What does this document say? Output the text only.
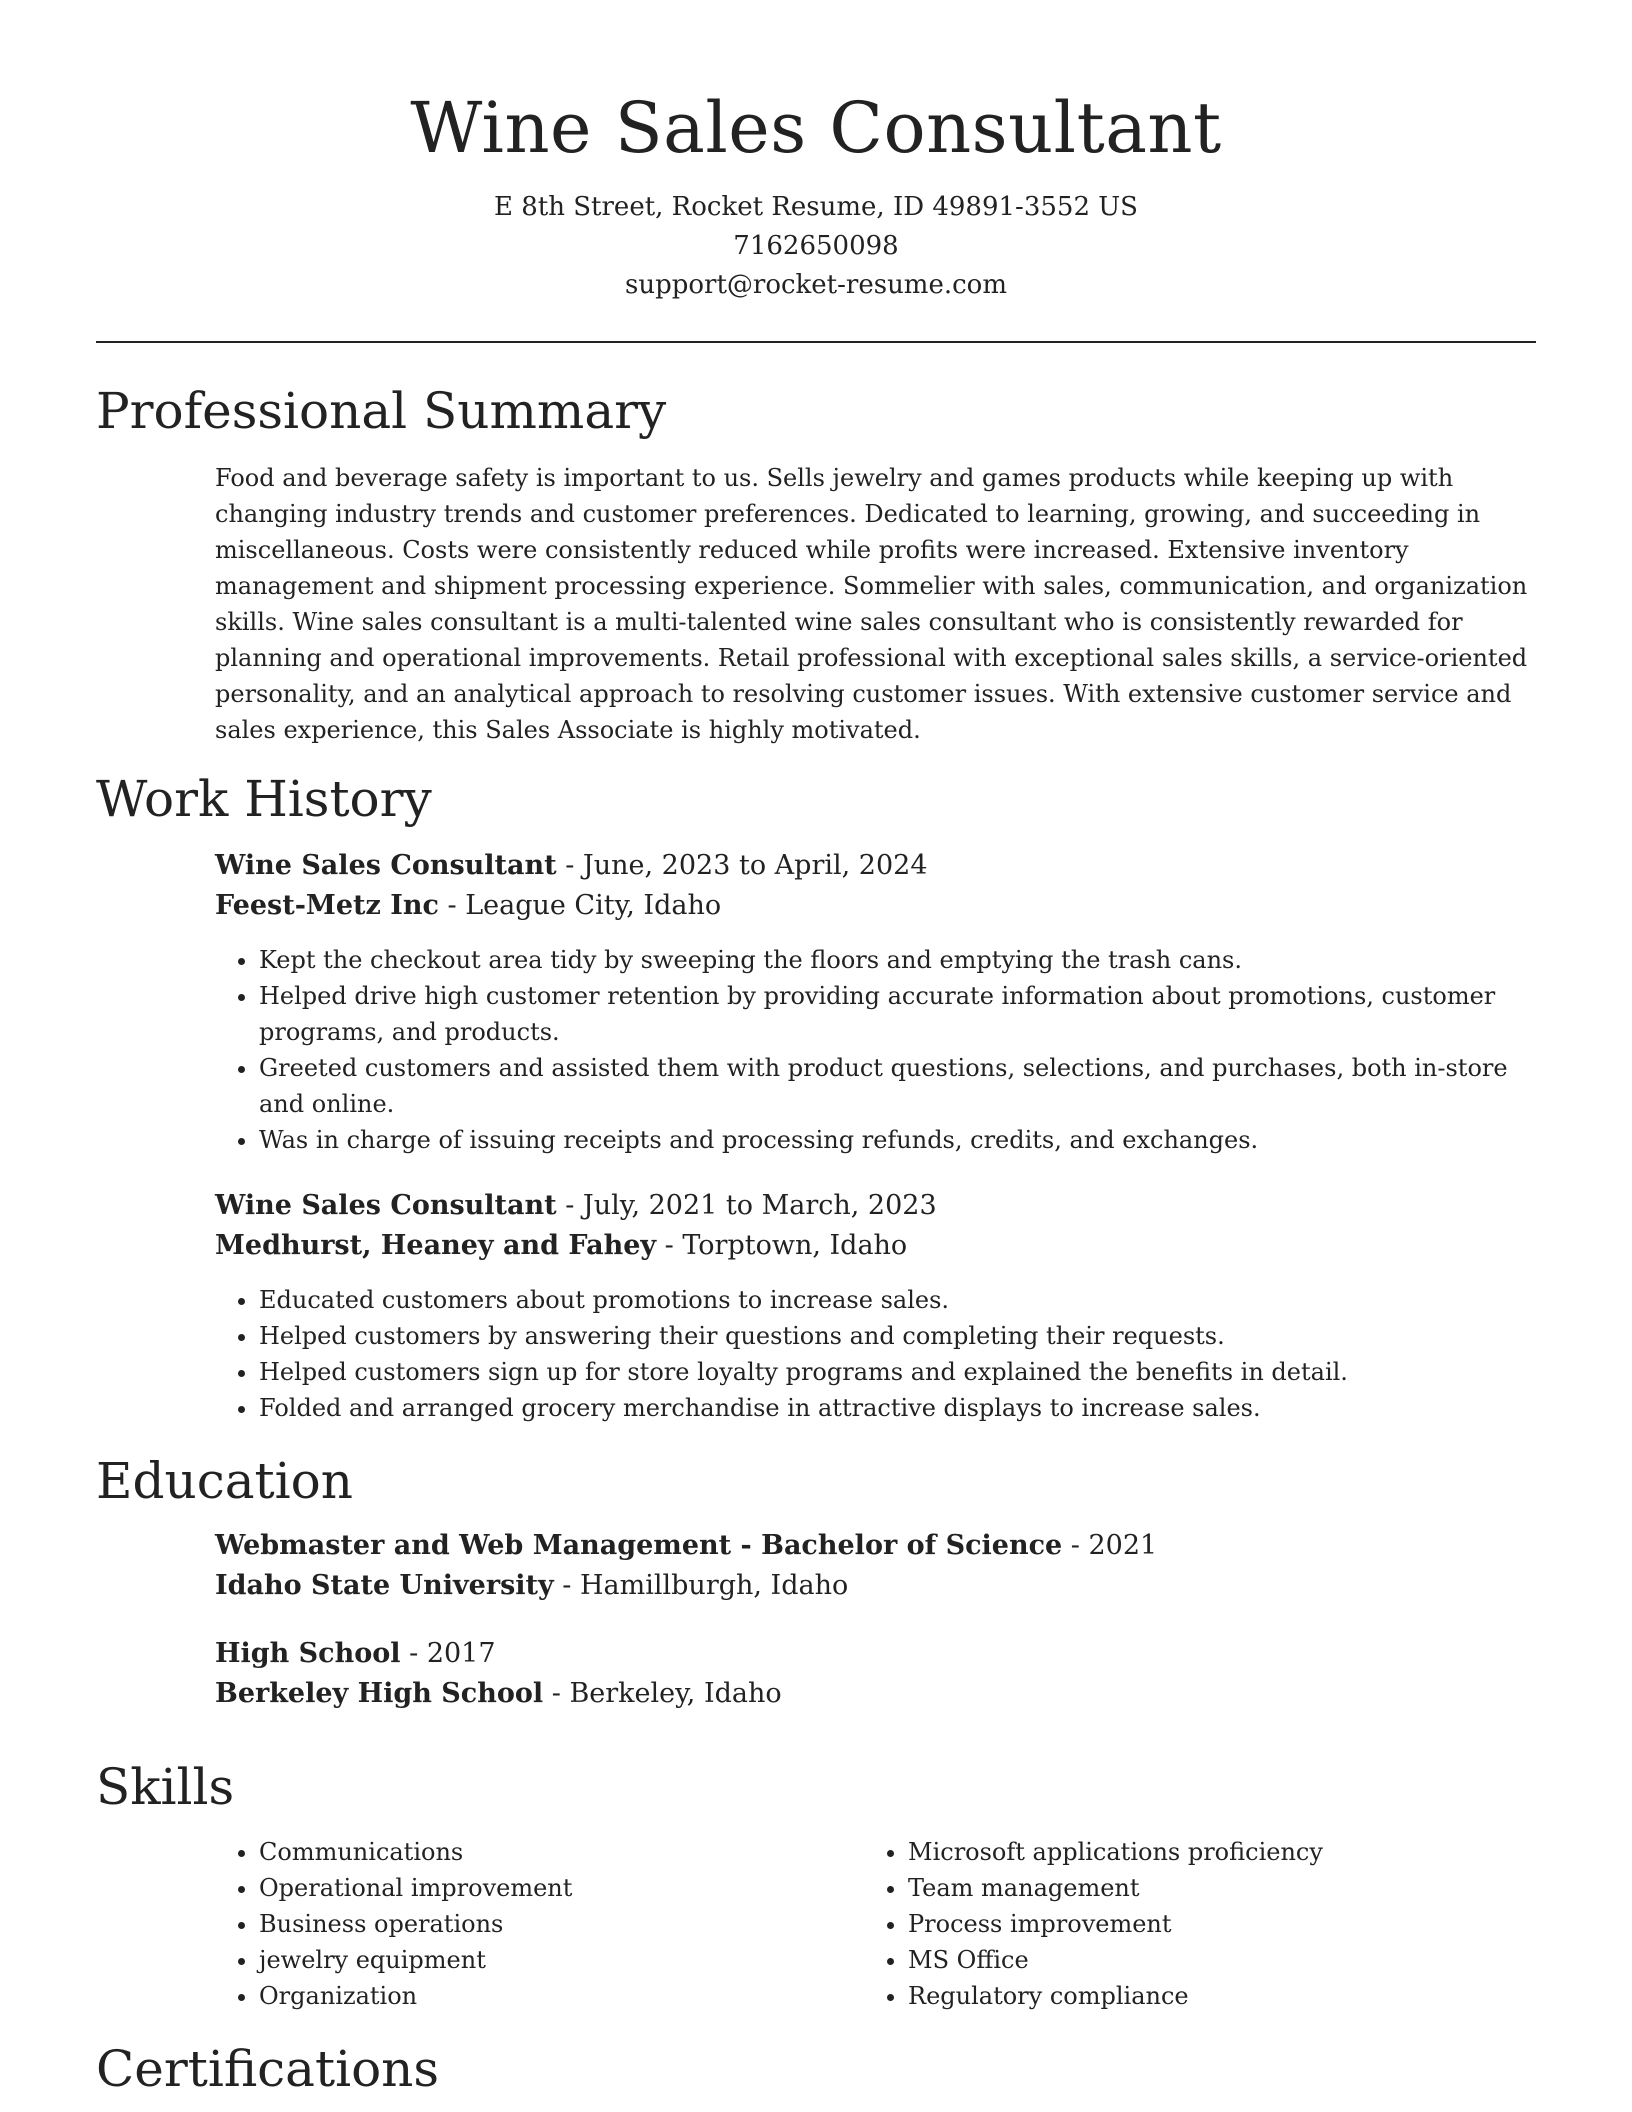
Wine Sales Consultant
E 8th Street, Rocket Resume, ID 49891-3552 US
7162650098
support@rocket-resume.com
Professional Summary

Food and beverage safety is important to us. Sells jewelry and games products while keeping up with changing industry trends and customer preferences. Dedicated to learning, growing, and succeeding in miscellaneous. Costs were consistently reduced while profits were increased. Extensive inventory management and shipment processing experience. Sommelier with sales, communication, and organization skills. Wine sales consultant is a multi-talented wine sales consultant who is consistently rewarded for planning and operational improvements. Retail professional with exceptional sales skills, a service-oriented personality, and an analytical approach to resolving customer issues. With extensive customer service and sales experience, this Sales Associate is highly motivated.

Work History
Wine Sales Consultant - June, 2023 to April, 2024
Feest-Metz Inc - League City, Idaho
• Kept the checkout area tidy by sweeping the floors and emptying the trash cans.
• Helped drive high customer retention by providing accurate information about promotions, customer programs, and products.
• Greeted customers and assisted them with product questions, selections, and purchases, both in-store and online.
• Was in charge of issuing receipts and processing refunds, credits, and exchanges.
Wine Sales Consultant - July, 2021 to March, 2023
Medhurst, Heaney and Fahey - Torptown, Idaho
• Educated customers about promotions to increase sales.
• Helped customers by answering their questions and completing their requests.
• Helped customers sign up for store loyalty programs and explained the benefits in detail.
• Folded and arranged grocery merchandise in attractive displays to increase sales.
Education
Webmaster and Web Management - Bachelor of Science - 2021
Idaho State University - Hamillburgh, Idaho
High School - 2017
Berkeley High School - Berkeley, Idaho
Skills
• Communications
• Operational improvement
• Business operations
• jewelry equipment
• Organization
• Microsoft applications proficiency
• Team management
• Process improvement
• MS Office
• Regulatory compliance
Certifications
